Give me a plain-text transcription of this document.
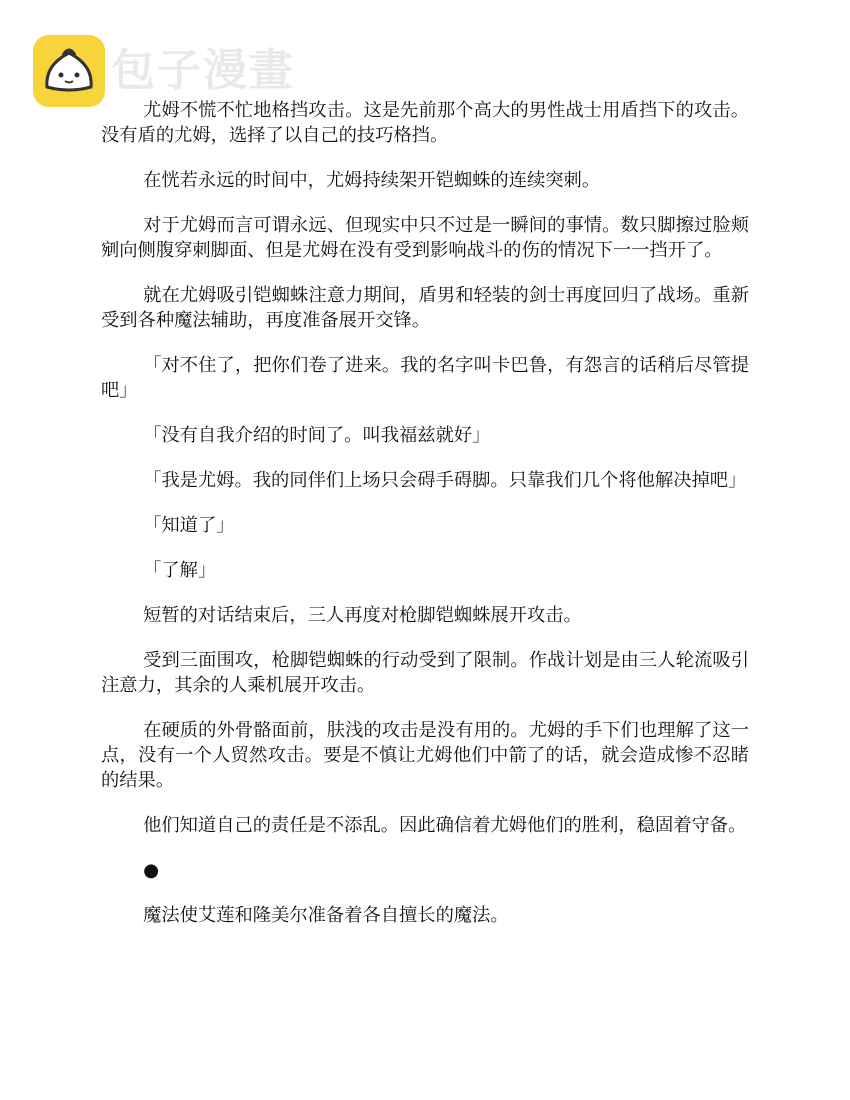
包子漫畫

尤姆不慌不忙地格挡攻击。这是先前那个高大的男性战士用盾挡下的攻击。没有盾的尤姆，选择了以自己的技巧格挡。

在恍若永远的时间中，尤姆持续架开铠蜘蛛的连续突刺。

对于尤姆而言可谓永远、但现实中只不过是一瞬间的事情。数只脚擦过脸颊剜向侧腹穿刺脚面、但是尤姆在没有受到影响战斗的伤的情况下一一挡开了。

就在尤姆吸引铠蜘蛛注意力期间，盾男和轻装的剑士再度回归了战场。重新受到各种魔法辅助，再度准备展开交锋。

「对不住了，把你们卷了进来。我的名字叫卡巴鲁，有怨言的话稍后尽管提吧」

「没有自我介绍的时间了。叫我福兹就好」

「我是尤姆。我的同伴们上场只会碍手碍脚。只靠我们几个将他解决掉吧」

「知道了」

「了解」

短暂的对话结束后，三人再度对枪脚铠蜘蛛展开攻击。

受到三面围攻，枪脚铠蜘蛛的行动受到了限制。作战计划是由三人轮流吸引注意力，其余的人乘机展开攻击。

在硬质的外骨骼面前，肤浅的攻击是没有用的。尤姆的手下们也理解了这一点，没有一个人贸然攻击。要是不慎让尤姆他们中箭了的话，就会造成惨不忍睹的结果。

他们知道自己的责任是不添乱。因此确信着尤姆他们的胜利，稳固着守备。

●

魔法使艾莲和隆美尔准备着各自擅长的魔法。
